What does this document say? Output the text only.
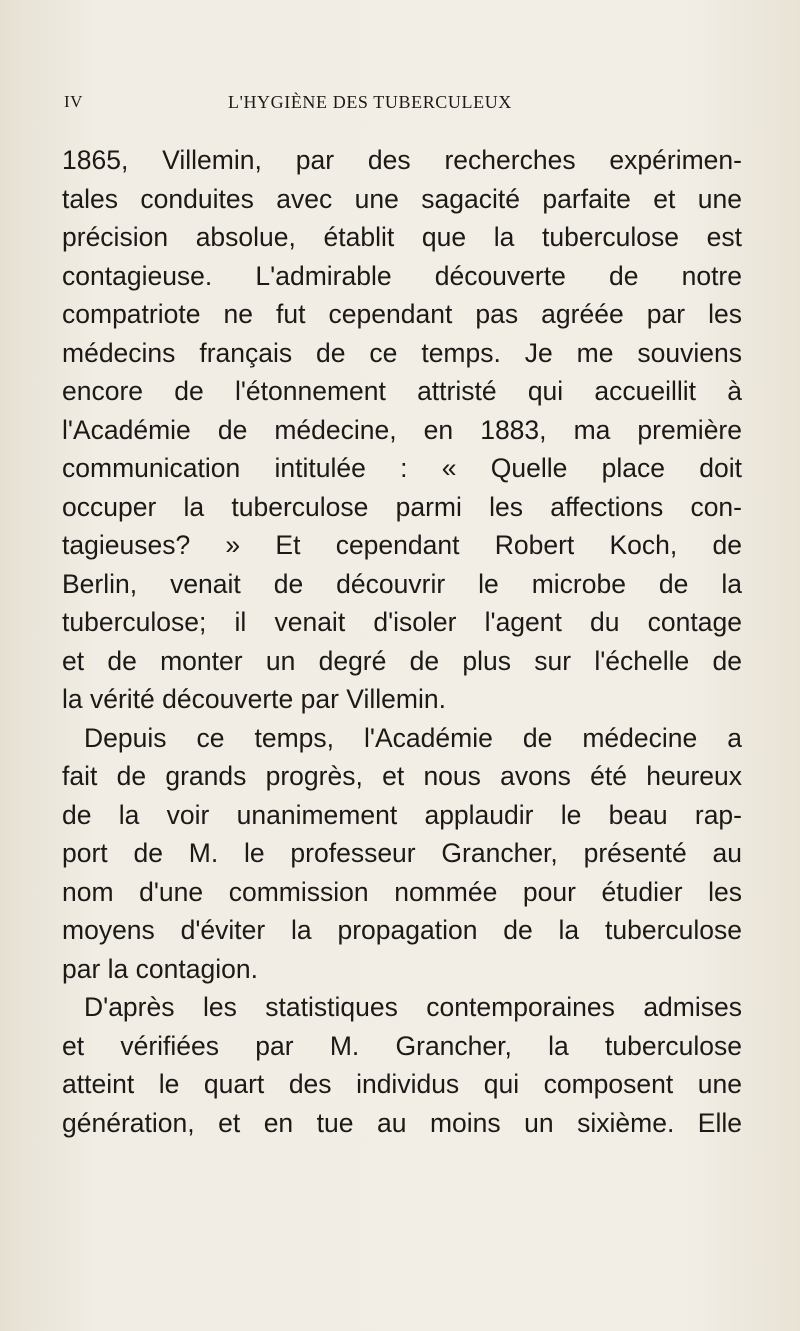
IV	L'HYGIÈNE DES TUBERCULEUX
1865, Villemin, par des recherches expérimen-
tales conduites avec une sagacité parfaite et une
précision absolue, établit que la tuberculose est
contagieuse. L'admirable découverte de notre
compatriote ne fut cependant pas agréée par les
médecins français de ce temps. Je me souviens
encore de l'étonnement attristé qui accueillit à
l'Académie de médecine, en 1883, ma première
communication intitulée : « Quelle place doit
occuper la tuberculose parmi les affections con-
tagieuses? » Et cependant Robert Koch, de
Berlin, venait de découvrir le microbe de la
tuberculose; il venait d'isoler l'agent du contage
et de monter un degré de plus sur l'échelle de
la vérité découverte par Villemin.
Depuis ce temps, l'Académie de médecine a
fait de grands progrès, et nous avons été heureux
de la voir unanimement applaudir le beau rap-
port de M. le professeur Grancher, présenté au
nom d'une commission nommée pour étudier les
moyens d'éviter la propagation de la tuberculose
par la contagion.
D'après les statistiques contemporaines admises
et vérifiées par M. Grancher, la tuberculose
atteint le quart des individus qui composent une
génération, et en tue au moins un sixième. Elle
